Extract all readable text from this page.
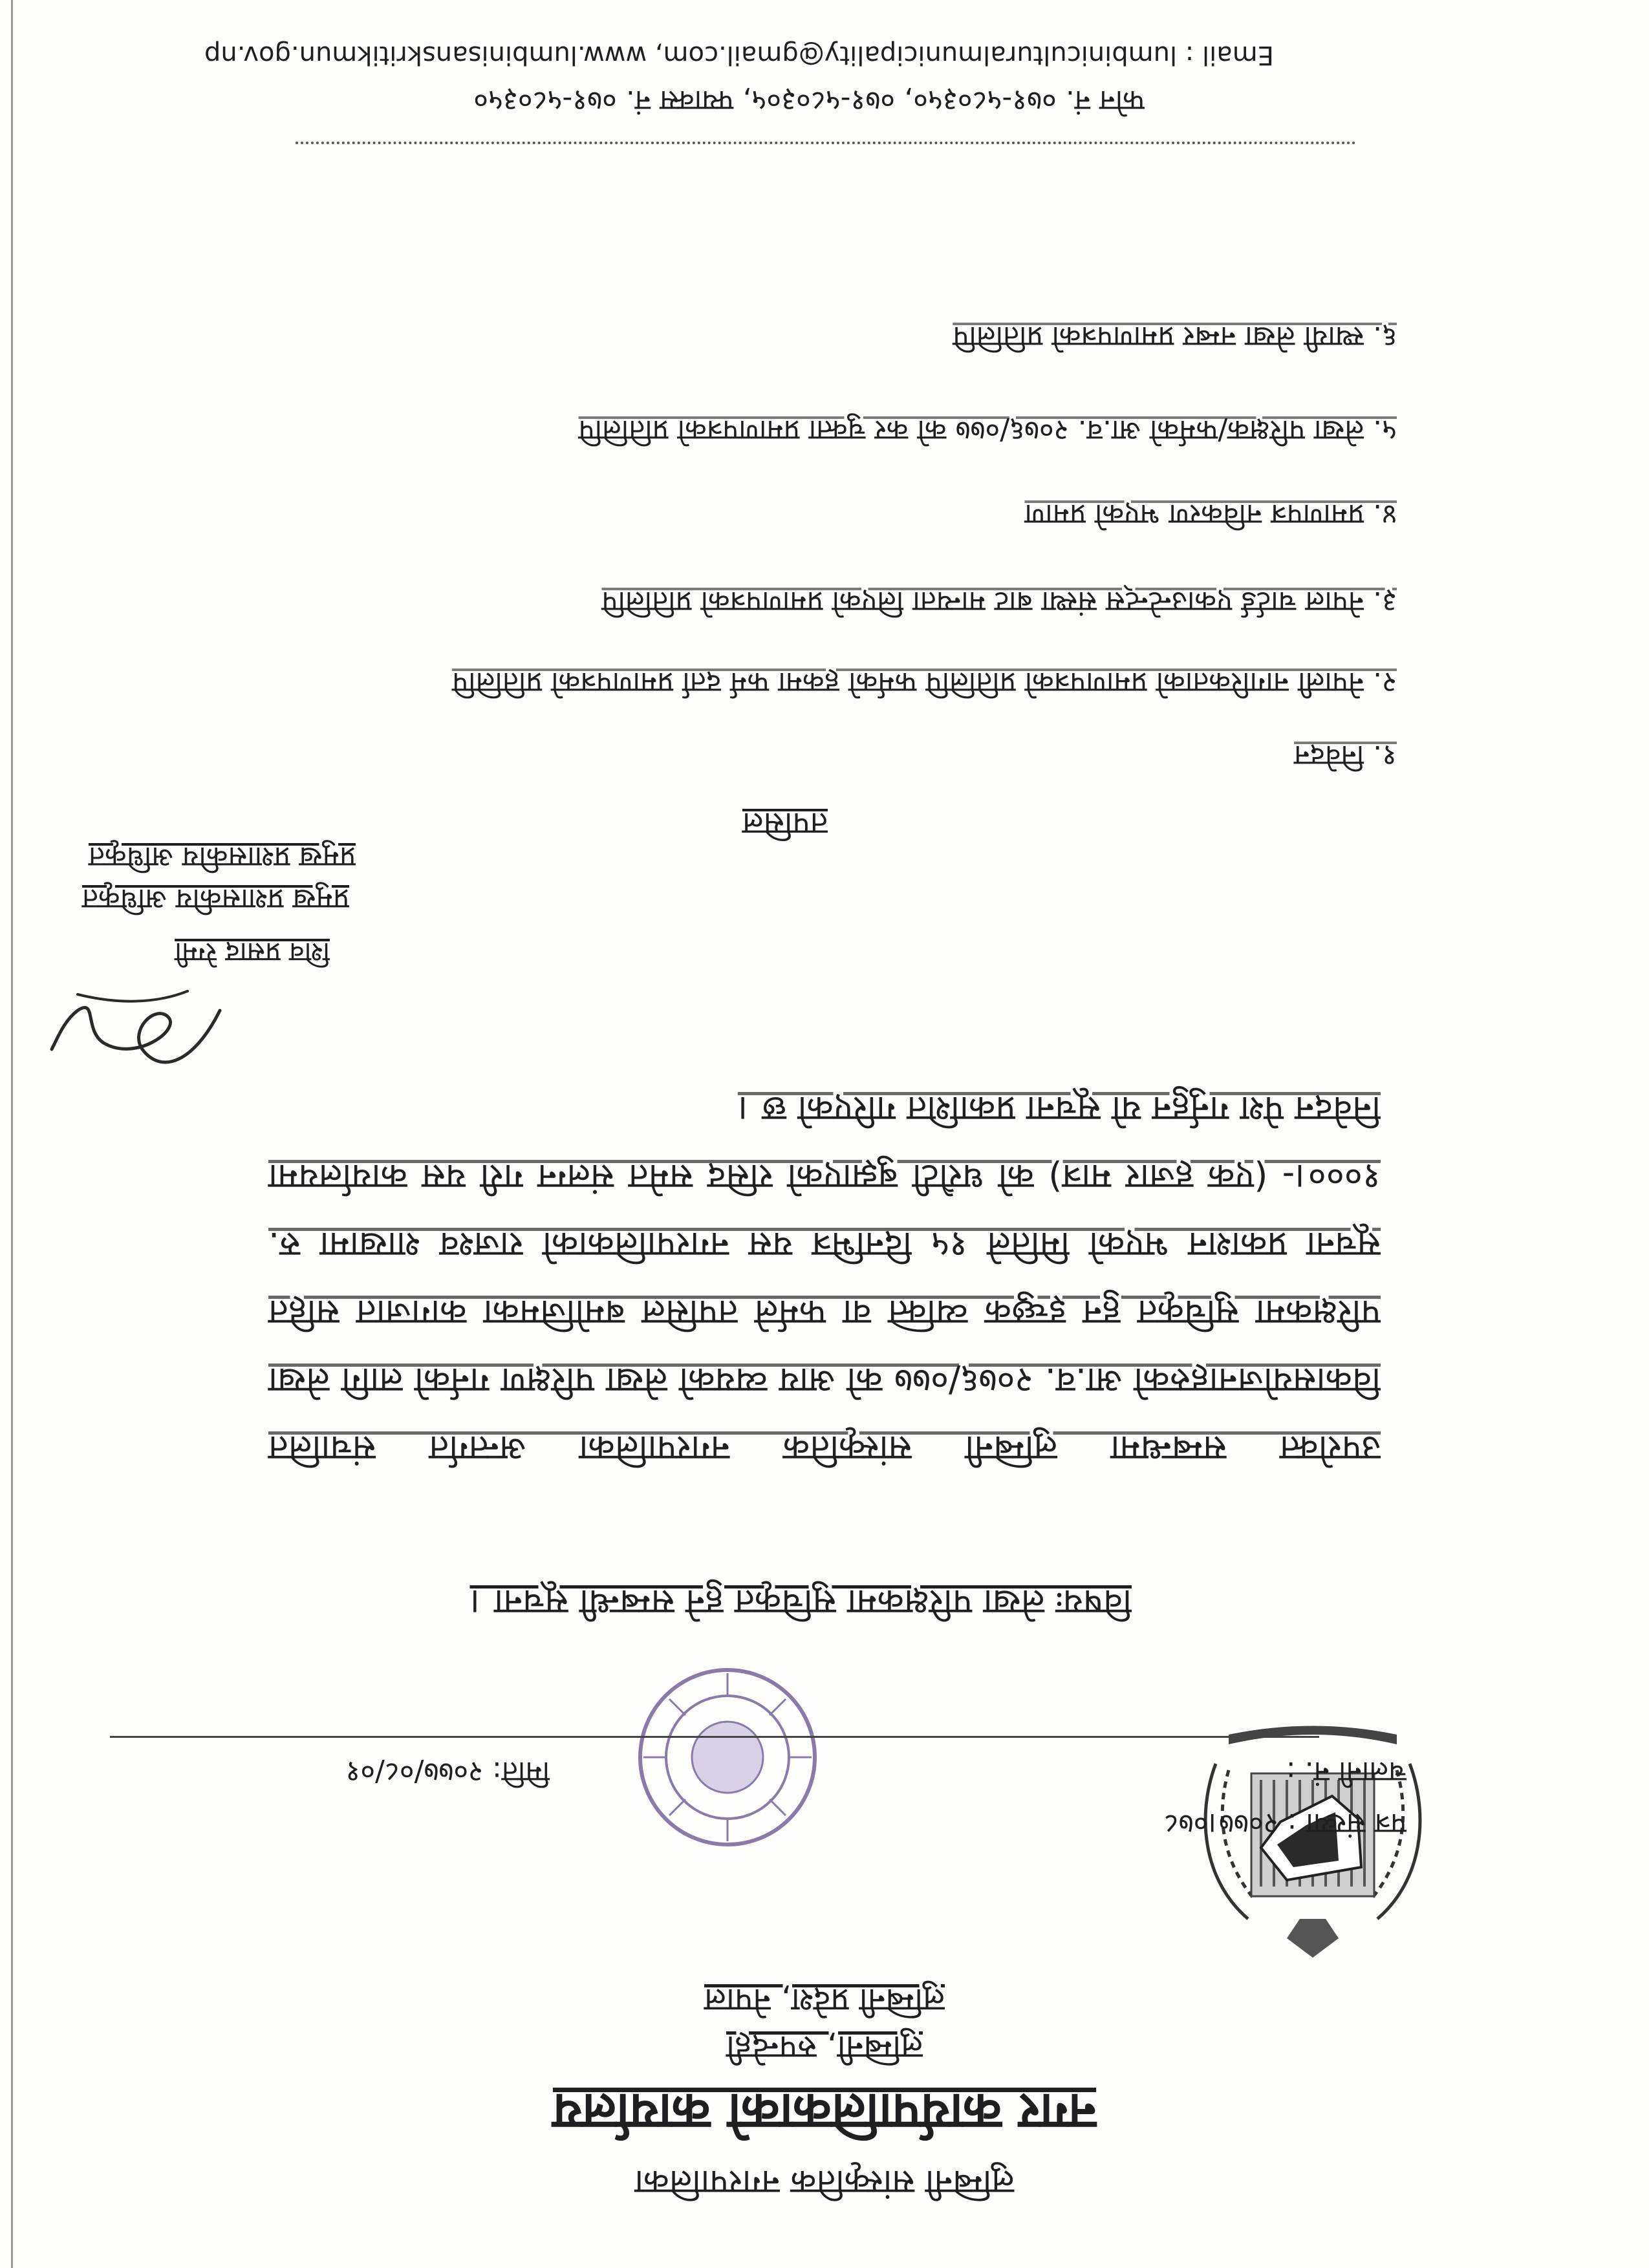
लुम्बिनी सांस्कृतिक नगरपालिका
नगर कार्यपालिकाको कार्यालय
लुम्बिनी, रुपन्देही
लुम्बिनी प्रदेश, नेपाल
पत्र संख्या : २०७७।०७८
चलानी नं. :
मिति: २०७७/०८/०१
विषयः लेखा परिक्षकमा सुचिकृत हुने सम्बन्धी सूचना ।
उपरोक्त सम्बन्धमा लुम्बिनी सांस्कृतिक नगरपालिका अन्तर्गत संचालित विकासयोजनाहरुको आ.व. २०७६/०७७ को आय व्ययको लेखा परिक्षण गर्नको लागि लेखा परिक्षकमा सुचिकृत हुन इच्छुक व्यक्ति वा फर्मले तपसिल बमोजिमका कागजात सहित सूचना प्रकाशन भएको मितिले १५ दिनभित्र यस नगरपालिकाको राजश्व शाखामा रु. १०००।- (एक हजार मात्र) को धरौटी बुझाएको रसिद समेत संलग्न गरी यस कार्यालयमा निवेदन पेश गर्नुहुन यो सूचना प्रकाशित गरिएको छ ।
शिव प्रसाद रेग्मी
प्रमुख प्रशासकीय अधिकृत
प्रमुख प्रशासकीय अधिकृत
तपसिल
१. निवेदन
२. नेपाली नागरिकताको प्रमाणपत्रको प्रतिलिपि फर्मको हकमा फर्म दर्ता प्रमाणपत्रको प्रतिलिपि
३. नेपाल चार्टर्ड एकाउन्टेन्ट्स संस्था बाट मान्यता लिएको प्रमाणपत्रको प्रतिलिपि
४. प्रमाणपत्र नविकरण भएको प्रमाण
५. लेखा परिक्षक/फर्मको आ.व. २०७६/०७७ को कर चुक्ता प्रमाणपत्रको प्रतिलिपि
६. स्थायी लेखा नम्बर प्रमाणपत्रको प्रतिलिपि
फोन नं. ०७१-५८०३५०, ०७१-५८०३०५, फ्याक्स नं. ०७१-५८०३५०
Email : lumbiniculturalmunicipality@gmail.com, www.lumbinisanskritikmun.gov.np
